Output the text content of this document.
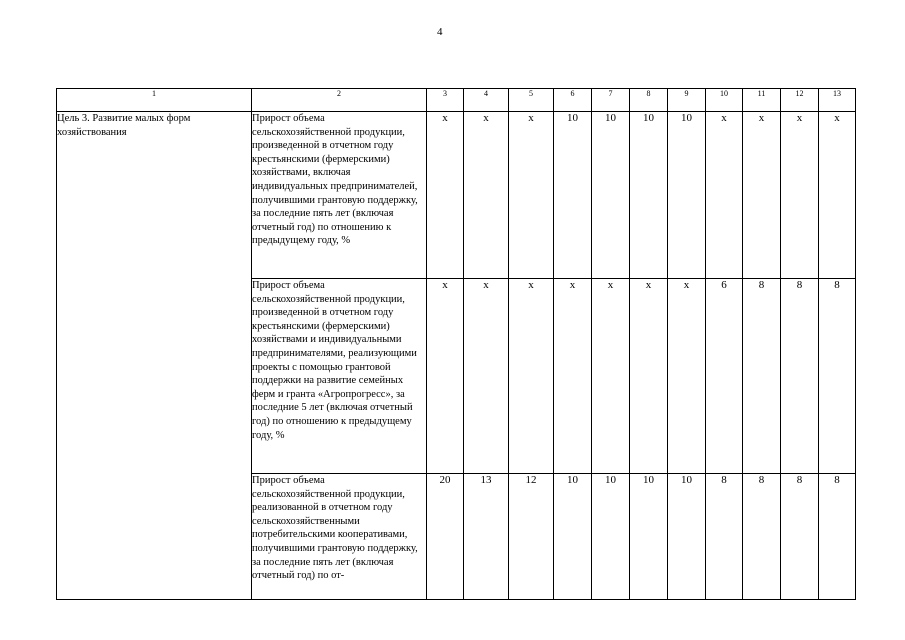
4
1	2	3	4	5	6	7	8	9	10	11	12	13
Цель 3. Развитие малых форм хозяйствования	Прирост объема сельскохозяйственной продукции, произведенной в отчетном году крестьянскими (фермерскими) хозяйствами, включая индивидуальных предпринимателей, получившими грантовую поддержку, за последние пять лет (включая отчетный год) по отношению к предыдущему году, %	x	x	x	10	10	10	10	x	x	x	x
	Прирост объема сельскохозяйственной продукции, произведенной в отчетном году крестьянскими (фермерскими) хозяйствами и индивидуальными предпринимателями, реализующими проекты с помощью грантовой поддержки на развитие семейных ферм и гранта «Агропрогресс», за последние 5 лет (включая отчетный год) по отношению к предыдущему году, %	x	x	x	x	x	x	x	6	8	8	8
	Прирост объема сельскохозяйственной продукции, реализованной в отчетном году сельскохозяйственными потребительскими кооперативами, получившими грантовую поддержку, за последние пять лет (включая отчетный год) по от-	20	13	12	10	10	10	10	8	8	8	8
